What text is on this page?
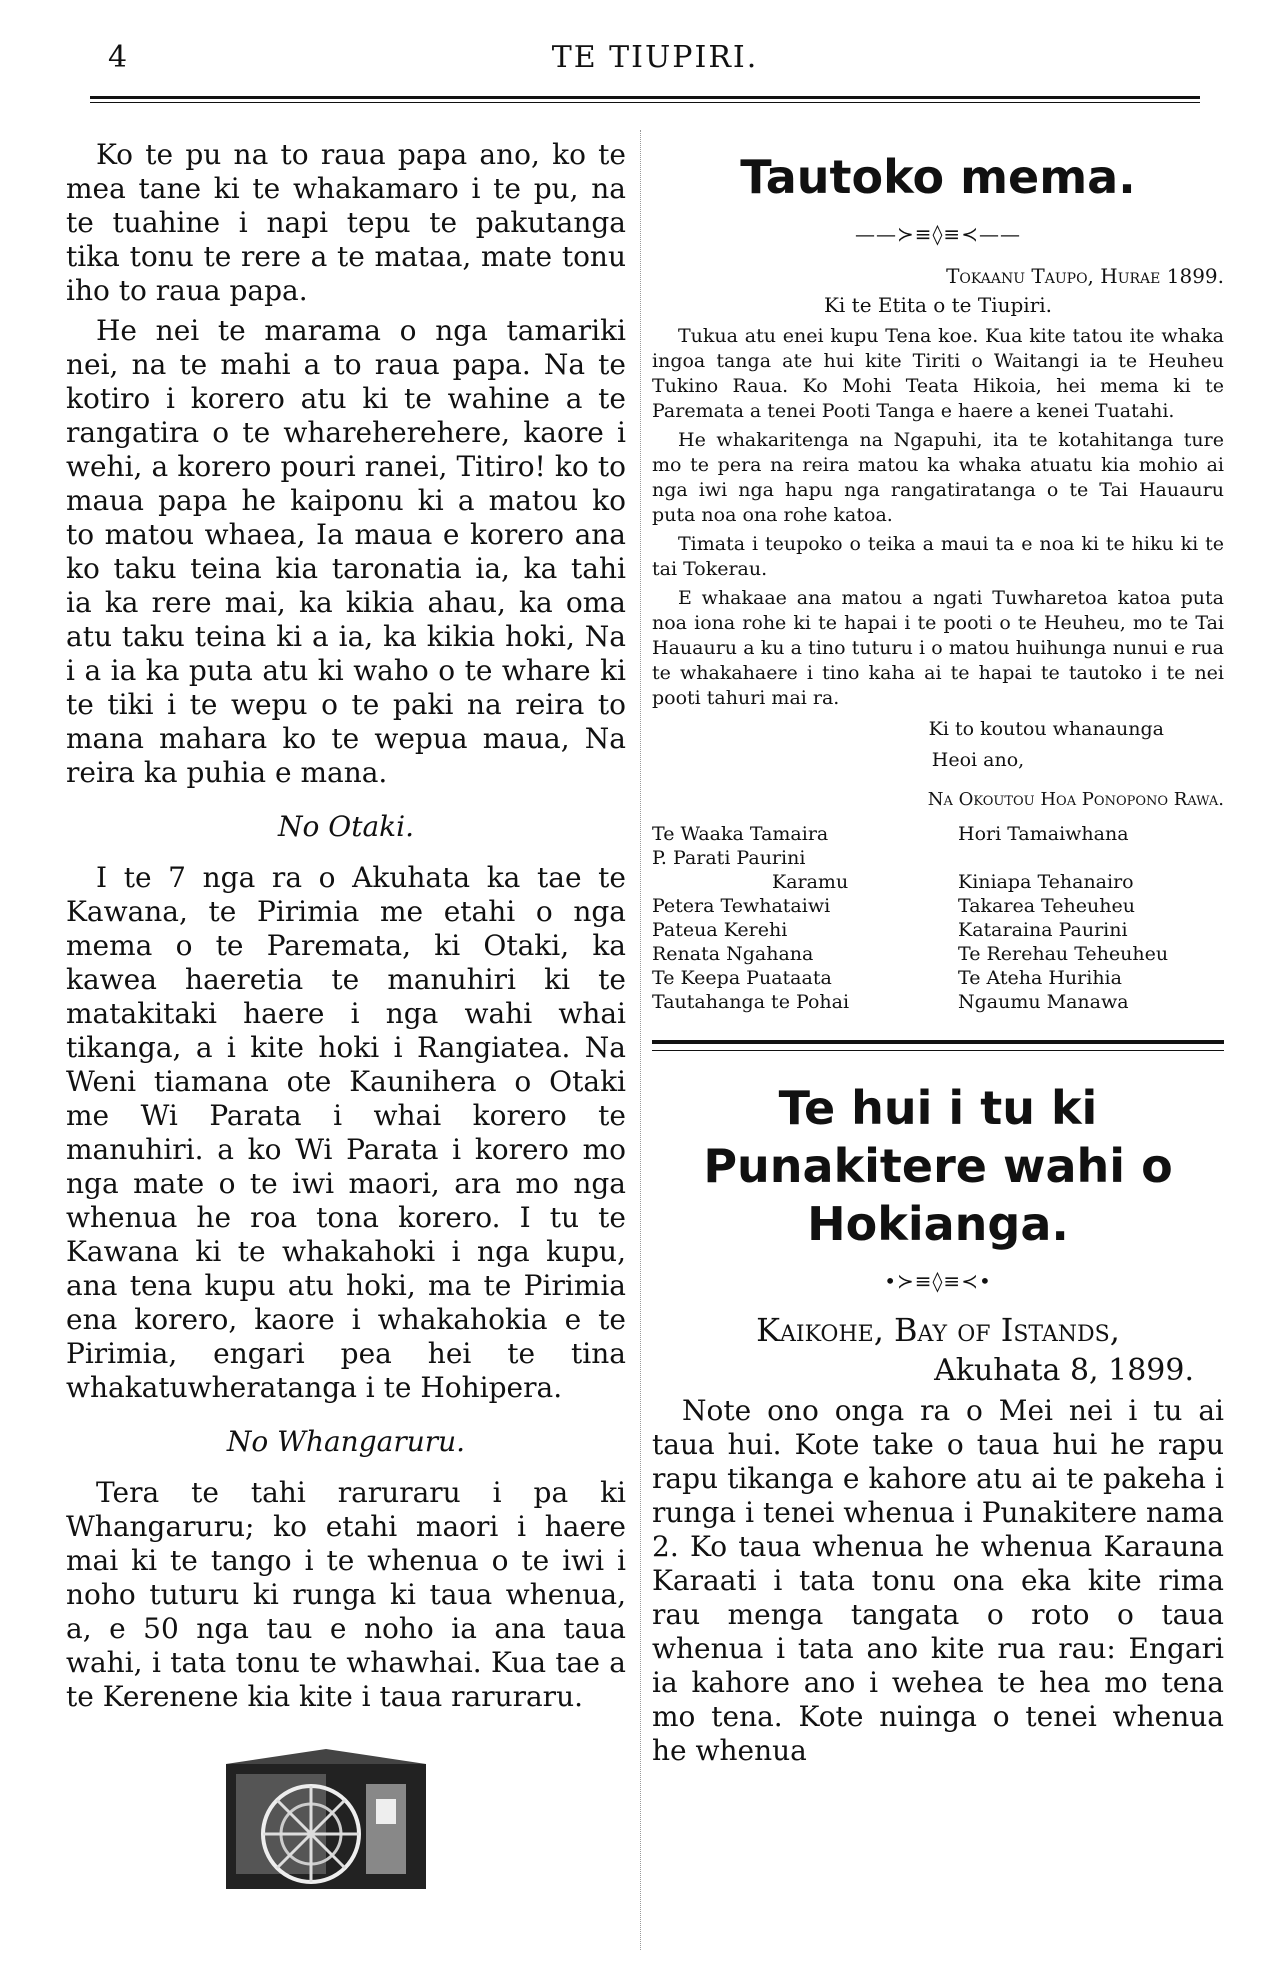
4	TE TIUPIRI.

Ko te pu na to raua papa ano, ko te mea tane ki te whakamaro i te pu, na te tuahine i napi tepu te pakutanga tika tonu te rere a te mataa, mate tonu iho to raua papa.

He nei te marama o nga tamariki nei, na te mahi a to raua papa. Na te kotiro i korero atu ki te wahine a te rangatira o te whareherehere, kaore i wehi, a korero pouri ranei, Titiro! ko to maua papa he kaiponu ki a matou ko to matou whaea, Ia maua e korero ana ko taku teina kia taronatia ia, ka tahi ia ka rere mai, ka kikia ahau, ka oma atu taku teina ki a ia, ka kikia hoki, Na i a ia ka puta atu ki waho o te whare ki te tiki i te wepu o te paki na reira to mana mahara ko te wepua maua, Na reira ka puhia e mana.

No Otaki.

I te 7 nga ra o Akuhata ka tae te Kawana, te Pirimia me etahi o nga mema o te Paremata, ki Otaki, ka kawea haeretia te manuhiri ki te matakitaki haere i nga wahi whai tikanga, a i kite hoki i Rangiatea. Na Weni tiamana ote Kaunihera o Otaki me Wi Parata i whai korero te manuhiri. a ko Wi Parata i korero mo nga mate o te iwi maori, ara mo nga whenua he roa tona korero. I tu te Kawana ki te whakahoki i nga kupu, ana tena kupu atu hoki, ma te Pirimia ena korero, kaore i whakahokia e te Pirimia, engari pea hei te tina whakatuwheratanga i te Hohipera.

No Whangaruru.

Tera te tahi raruraru i pa ki Whangaruru; ko etahi maori i haere mai ki te tango i te whenua o te iwi i noho tuturu ki runga ki taua whenua, a, e 50 nga tau e noho ia ana taua wahi, i tata tonu te whawhai. Kua tae a te Kerenene kia kite i taua raruraru.

Tautoko mema.
——≻≡◊≡≺——
Tokaanu Taupo, Hurae 1899.
Ki te Etita o te Tiupiri.

Tukua atu enei kupu Tena koe. Kua kite tatou ite whaka ingoa tanga ate hui kite Tiriti o Waitangi ia te Heuheu Tukino Raua. Ko Mohi Teata Hikoia, hei mema ki te Paremata a tenei Pooti Tanga e haere a kenei Tuatahi.

He whakaritenga na Ngapuhi, ita te kotahitanga ture mo te pera na reira matou ka whaka atuatu kia mohio ai nga iwi nga hapu nga rangatiratanga o te Tai Hauauru puta noa ona rohe katoa.

Timata i teupoko o teika a maui ta e noa ki te hiku ki te tai Tokerau.

E whakaae ana matou a ngati Tuwharetoa katoa puta noa iona rohe ki te hapai i te pooti o te Heuheu, mo te Tai Hauauru a ku a tino tuturu i o matou huihunga nunui e rua te whakahaere i tino kaha ai te hapai te tautoko i te nei pooti tahuri mai ra.

Ki to koutou whanaunga
Heoi ano,
Na Okoutou Hoa Ponopono Rawa.
Te Waaka Tamaira
P. Parati Paurini
Karamu
Petera Tewhataiwi
Pateua Kerehi
Renata Ngahana
Te Keepa Puataata
Tautahanga te Pohai
Hori Tamaiwhana
Kiniapa Tehanairo
Takarea Teheuheu
Kataraina Paurini
Te Rerehau Teheuheu
Te Ateha Hurihia
Ngaumu Manawa
Te hui i tu ki Punakitere wahi o Hokianga.
•≻≡◊≡≺•
Kaikohe, Bay of Istands,
Akuhata 8, 1899.

Note ono onga ra o Mei nei i tu ai taua hui. Kote take o taua hui he rapu rapu tikanga e kahore atu ai te pakeha i runga i tenei whenua i Punakitere nama 2. Ko taua whenua he whenua Karauna Karaati i tata tonu ona eka kite rima rau menga tangata o roto o taua whenua i tata ano kite rua rau: Engari ia kahore ano i wehea te hea mo tena mo tena. Kote nuinga o tenei whenua he whenua
